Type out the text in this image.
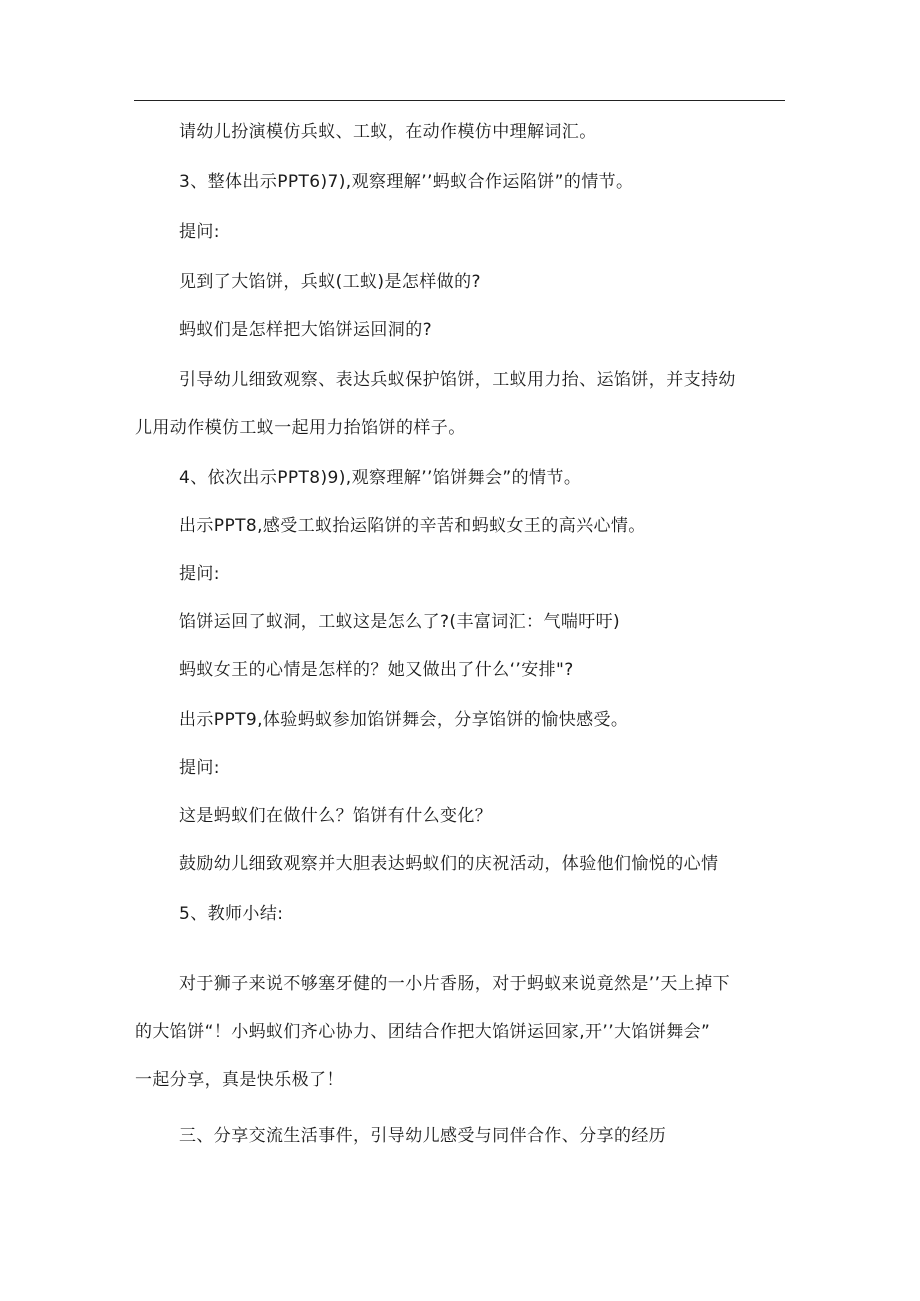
请幼儿扮演模仿兵蚁、工蚁，在动作模仿中理解词汇。
3、整体出示PPT6)7),观察理解’’蚂蚁合作运陷饼”的情节。
提问:
见到了大馅饼，兵蚁(工蚁)是怎样做的?
蚂蚁们是怎样把大馅饼运回洞的?
引导幼儿细致观察、表达兵蚁保护馅饼，工蚁用力抬、运馅饼，并支持幼
儿用动作模仿工蚁一起用力抬馅饼的样子。
4、依次出示PPT8)9),观察理解’’馅饼舞会”的情节。
出示PPT8,感受工蚁抬运陷饼的辛苦和蚂蚁女王的高兴心情。
提问:
馅饼运回了蚁洞，工蚁这是怎么了?(丰富词汇：气喘吁吁)
蚂蚁女王的心情是怎样的？她又做出了什么‘’安排"?
出示PPT9,体验蚂蚁参加馅饼舞会，分享馅饼的愉快感受。
提问:
这是蚂蚁们在做什么？馅饼有什么变化？
鼓励幼儿细致观察并大胆表达蚂蚁们的庆祝活动，体验他们愉悦的心情
5、教师小结:
对于狮子来说不够塞牙健的一小片香肠，对于蚂蚁来说竟然是’’天上掉下
的大馅饼“！小蚂蚁们齐心协力、团结合作把大馅饼运回家,开’’大馅饼舞会”
一起分享，真是快乐极了！
三、分享交流生活事件，引导幼儿感受与同伴合作、分享的经历
